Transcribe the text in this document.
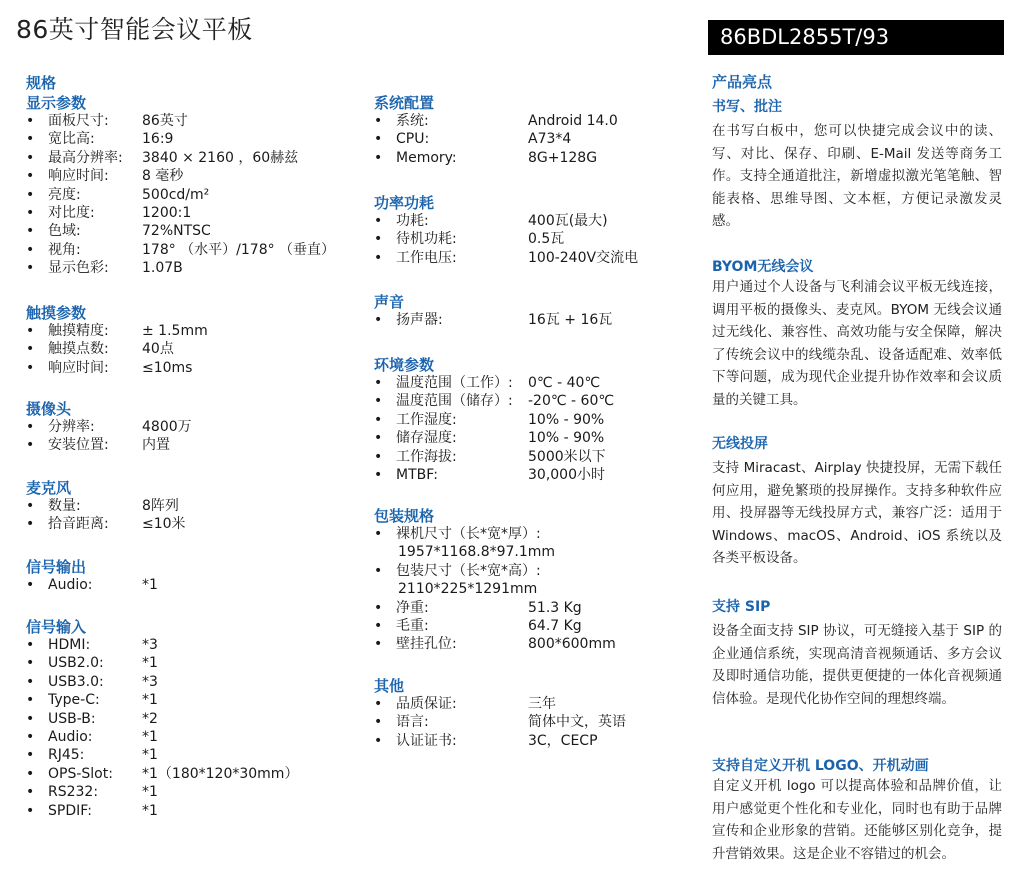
86英寸智能会议平板	86BDL2855T/93
规格
显示参数
• 面板尺寸: 86英寸
• 宽比高:	16:9
• 最高分辨率: 3840 × 2160 ，60赫兹
• 响应时间: 8 毫秒
• 亮度:	500cd/m²
• 对比度:	1200:1
• 色域:	72%NTSC
• 视角:	178° （水平）/178° （垂直）
• 显示色彩: 1.07B
触摸参数
• 触摸精度: ± 1.5mm
• 触摸点数: 40点
• 响应时间: ≤10ms
摄像头
• 分辨率:	4800万
• 安装位置: 内置
麦克风
• 数量:	8阵列
• 拾音距离: ≤10米
信号输出
• Audio:	*1
信号输入
• HDMI:	*3
• USB2.0:	*1
• USB3.0:	*3
• Type-C:	*1
• USB-B:	*2
• Audio:	*1
• RJ45:	*1
• OPS-Slot: *1（180*120*30mm）
• RS232:	*1
• SPDIF:	*1
系统配置
• 系统:	Android 14.0
• CPU:	A73*4
• Memory:	8G+128G
功率功耗
• 功耗:	400瓦(最大)
• 待机功耗:	0.5瓦
• 工作电压:	100-240V交流电
声音
• 扬声器:	16瓦 + 16瓦
环境参数
• 温度范围（工作）: 0℃ - 40℃
• 温度范围（储存）: -20℃ - 60℃
• 工作湿度:	10% - 90%
• 储存湿度:	10% - 90%
• 工作海拔:	5000米以下
• MTBF:	30,000小时
包装规格
• 裸机尺寸（长*宽*厚）:
1957*1168.8*97.1mm
• 包装尺寸（长*宽*高）:
2110*225*1291mm
• 净重:	51.3 Kg
• 毛重:	64.7 Kg
• 壁挂孔位:	800*600mm
其他
• 品质保证:	三年
• 语言:	简体中文，英语
• 认证证书:	3C，CECP
产品亮点
书写、批注
在书写白板中，您可以快捷完成会议中的读、写、对比、保存、印刷、E-Mail 发送等商务工作。支持全通道批注，新增虚拟激光笔笔触、智能表格、思维导图、文本框，方便记录激发灵感。
BYOM无线会议
用户通过个人设备与飞利浦会议平板无线连接，调用平板的摄像头、麦克风。BYOM 无线会议通过无线化、兼容性、高效功能与安全保障，解决了传统会议中的线缆杂乱、设备适配难、效率低下等问题，成为现代企业提升协作效率和会议质量的关键工具。
无线投屏
支持 Miracast、Airplay 快捷投屏，无需下载任何应用，避免繁琐的投屏操作。支持多种软件应用、投屏器等无线投屏方式，兼容广泛：适用于 Windows、macOS、Android、iOS 系统以及各类平板设备。
支持 SIP
设备全面支持 SIP 协议，可无缝接入基于 SIP 的企业通信系统，实现高清音视频通话、多方会议及即时通信功能，提供更便捷的一体化音视频通信体验。是现代化协作空间的理想终端。
支持自定义开机 LOGO、开机动画
自定义开机 logo 可以提高体验和品牌价值，让用户感觉更个性化和专业化，同时也有助于品牌宣传和企业形象的营销。还能够区别化竞争，提升营销效果。这是企业不容错过的机会。
